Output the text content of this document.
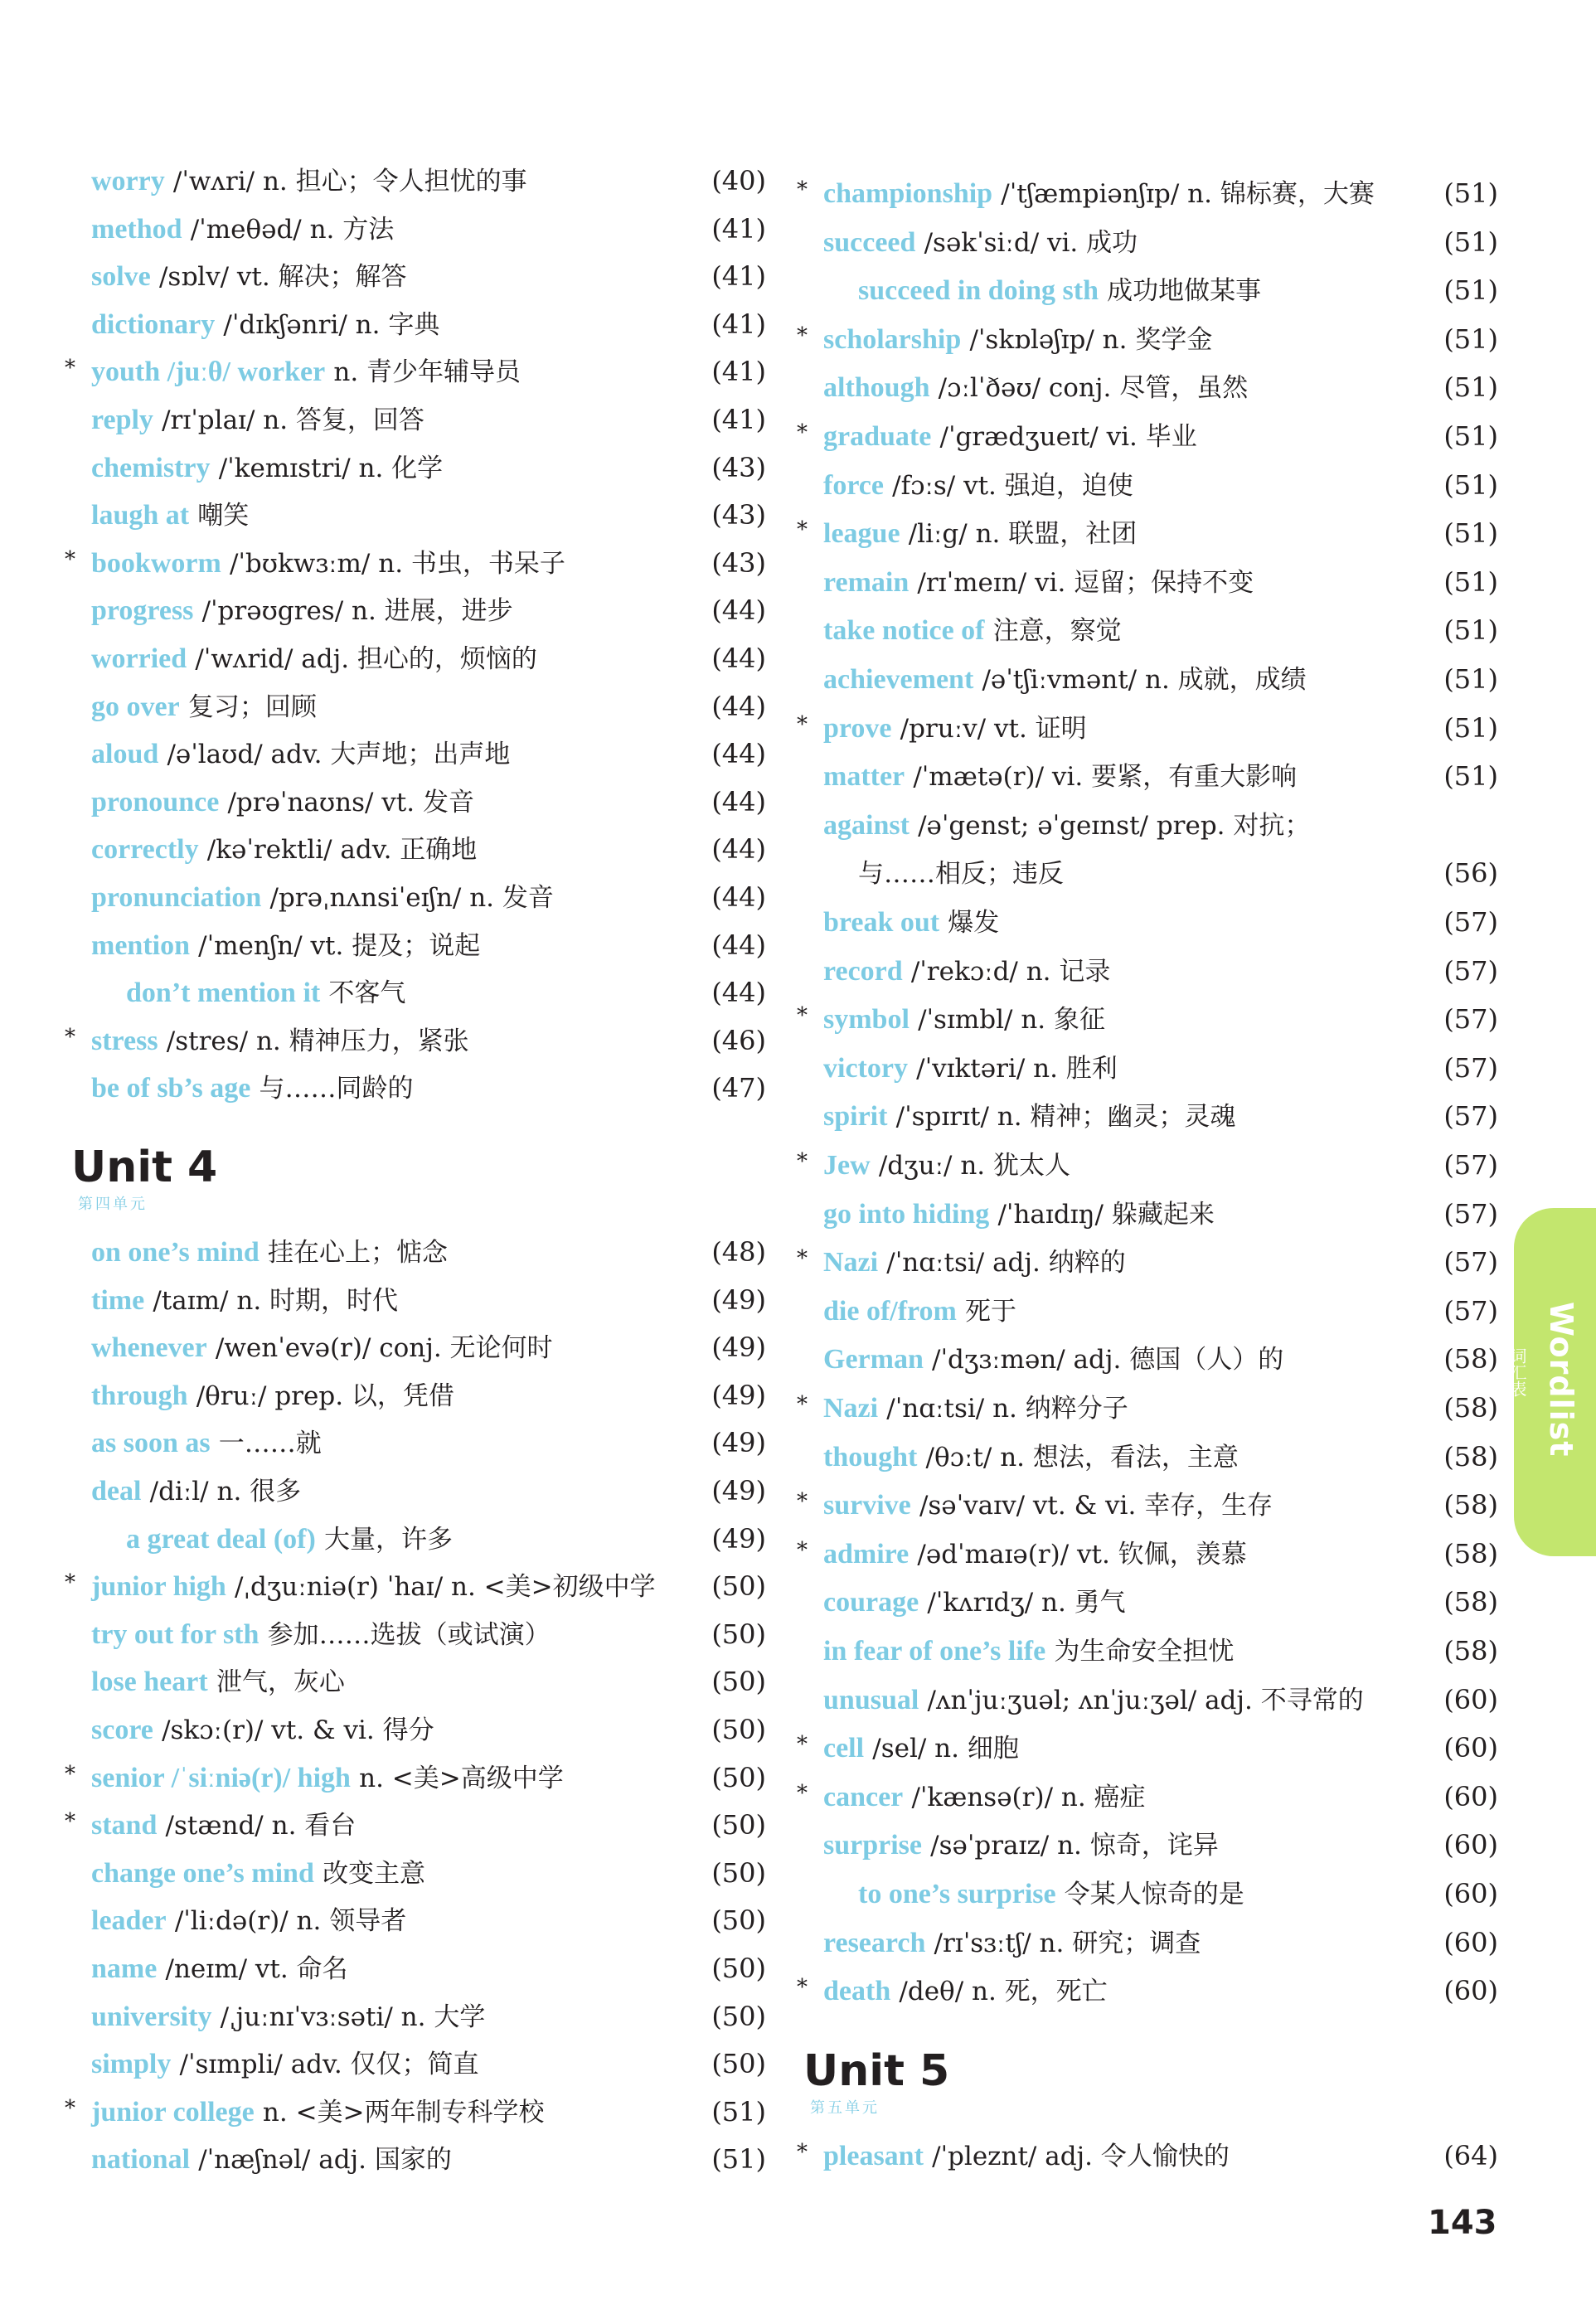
worry /ˈwʌri/ n. 担心；令人担忧的事	(40)
method /ˈmeθəd/ n. 方法	(41)
solve /sɒlv/ vt. 解决；解答	(41)
dictionary /ˈdɪkʃənri/ n. 字典	(41)
* youth /juːθ/ worker n. 青少年辅导员	(41)
reply /rɪˈplaɪ/ n. 答复，回答	(41)
chemistry /ˈkemɪstri/ n. 化学	(43)
laugh at 嘲笑	(43)
* bookworm /ˈbʊkwɜːm/ n. 书虫，书呆子	(43)
progress /ˈprəʊgres/ n. 进展，进步	(44)
worried /ˈwʌrid/ adj. 担心的，烦恼的	(44)
go over 复习；回顾	(44)
aloud /əˈlaʊd/ adv. 大声地；出声地	(44)
pronounce /prəˈnaʊns/ vt. 发音	(44)
correctly /kəˈrektli/ adv. 正确地	(44)
pronunciation /prəˌnʌnsiˈeɪʃn/ n. 发音	(44)
mention /ˈmenʃn/ vt. 提及；说起	(44)
don’t mention it 不客气	(44)
* stress /stres/ n. 精神压力，紧张	(46)
be of sb’s age 与……同龄的	(47)
Unit 4
第四单元
on one’s mind 挂在心上；惦念	(48)
time /taɪm/ n. 时期，时代	(49)
whenever /wenˈevə(r)/ conj. 无论何时	(49)
through /θruː/ prep. 以，凭借	(49)
as soon as 一……就	(49)
deal /diːl/ n. 很多	(49)
a great deal (of) 大量，许多	(49)
* junior high /ˌdʒuːniə(r) ˈhaɪ/ n. <美>初级中学 (50)
try out for sth 参加……选拔（或试演）	(50)
lose heart 泄气，灰心	(50)
score /skɔː(r)/ vt. & vi. 得分	(50)
* senior /ˈsiːniə(r)/ high n. <美>高级中学	(50)
* stand /stænd/ n. 看台	(50)
change one’s mind 改变主意	(50)
leader /ˈliːdə(r)/ n. 领导者	(50)
name /neɪm/ vt. 命名	(50)
university /ˌjuːnɪˈvɜːsəti/ n. 大学	(50)
simply /ˈsɪmpli/ adv. 仅仅；简直	(50)
* junior college n. <美>两年制专科学校	(51)
national /ˈnæʃnəl/ adj. 国家的	(51)
* championship /ˈtʃæmpiənʃɪp/ n. 锦标赛，大赛	(51)
succeed /səkˈsiːd/ vi. 成功	(51)
succeed in doing sth 成功地做某事	(51)
* scholarship /ˈskɒləʃɪp/ n. 奖学金	(51)
although /ɔːlˈðəʊ/ conj. 尽管，虽然	(51)
* graduate /ˈgrædʒueɪt/ vi. 毕业	(51)
force /fɔːs/ vt. 强迫，迫使	(51)
* league /liːg/ n. 联盟，社团	(51)
remain /rɪˈmeɪn/ vi. 逗留；保持不变	(51)
take notice of 注意，察觉	(51)
achievement /əˈtʃiːvmənt/ n. 成就，成绩	(51)
* prove /pruːv/ vt. 证明	(51)
matter /ˈmætə(r)/ vi. 要紧，有重大影响	(51)
against /əˈgenst; əˈgeɪnst/ prep. 对抗；
与……相反；违反	(56)
break out 爆发	(57)
record /ˈrekɔːd/ n. 记录	(57)
* symbol /ˈsɪmbl/ n. 象征	(57)
victory /ˈvɪktəri/ n. 胜利	(57)
spirit /ˈspɪrɪt/ n. 精神；幽灵；灵魂	(57)
* Jew /dʒuː/ n. 犹太人	(57)
go into hiding /ˈhaɪdɪŋ/ 躲藏起来	(57)
* Nazi /ˈnɑːtsi/ adj. 纳粹的	(57)
die of/from 死于	(57)
German /ˈdʒɜːmən/ adj. 德国（人）的	(58)
* Nazi /ˈnɑːtsi/ n. 纳粹分子	(58)
thought /θɔːt/ n. 想法，看法，主意	(58)
* survive /səˈvaɪv/ vt. & vi. 幸存，生存	(58)
* admire /ədˈmaɪə(r)/ vt. 钦佩，羡慕	(58)
courage /ˈkʌrɪdʒ/ n. 勇气	(58)
in fear of one’s life 为生命安全担忧	(58)
unusual /ʌnˈjuːʒuəl; ʌnˈjuːʒəl/ adj. 不寻常的	(60)
* cell /sel/ n. 细胞	(60)
* cancer /ˈkænsə(r)/ n. 癌症	(60)
surprise /səˈpraɪz/ n. 惊奇，诧异	(60)
to one’s surprise 令某人惊奇的是	(60)
research /rɪˈsɜːtʃ/ n. 研究；调查	(60)
* death /deθ/ n. 死，死亡	(60)
Unit 5
第五单元
* pleasant /ˈpleznt/ adj. 令人愉快的	(64)
Wordlist
词汇表
143
